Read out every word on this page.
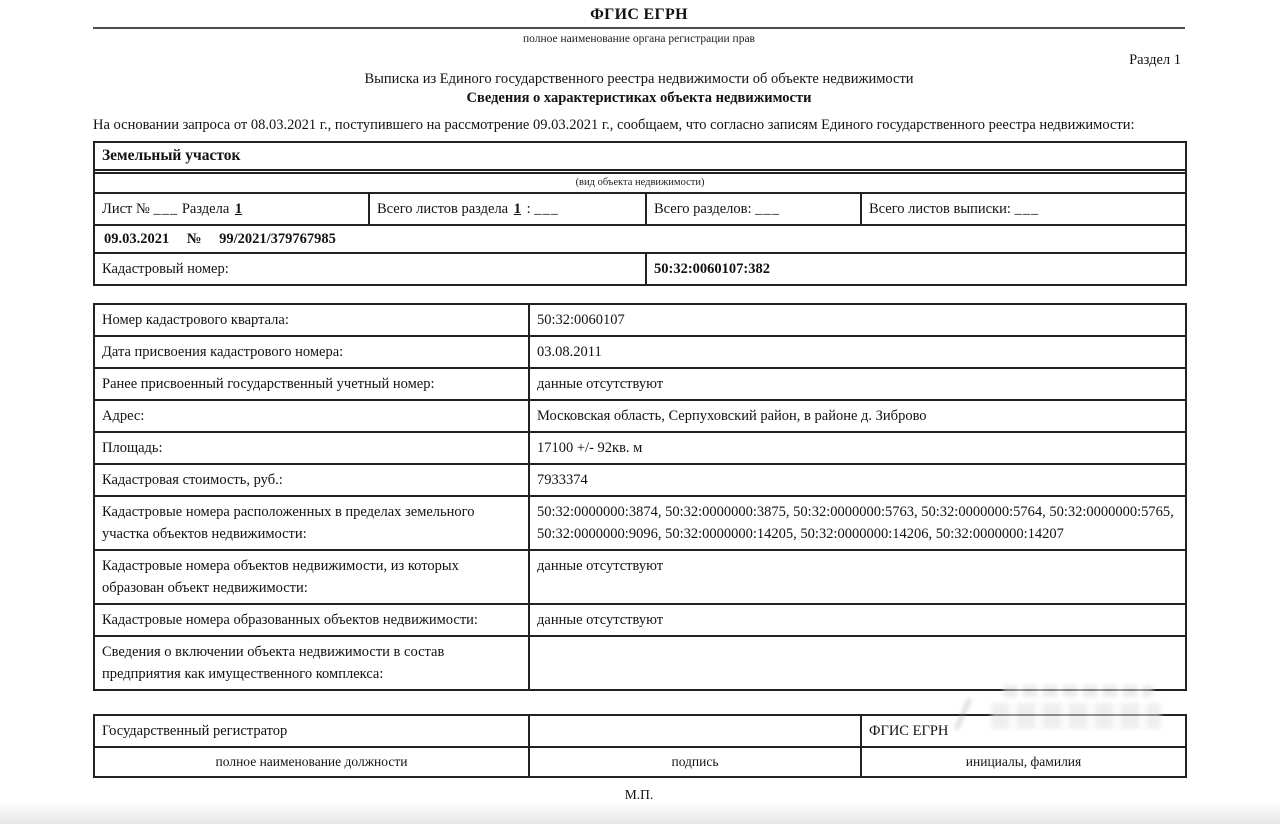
ФГИС ЕГРН
полное наименование органа регистрации прав
Раздел 1
Выписка из Единого государственного реестра недвижимости об объекте недвижимости
Сведения о характеристиках объекта недвижимости
На основании запроса от 08.03.2021 г., поступившего на рассмотрение 09.03.2021 г., сообщаем, что согласно записям Единого государственного реестра недвижимости:
Земельный участок			

(вид объекта недвижимости)			
Лист № ___ Раздела 1	Всего листов раздела 1 : ___	Всего разделов: ___	Всего листов выписки: ___
09.03.2021 № 99/2021/379767985			
Кадастровый номер:		50:32:0060107:382	
Номер кадастрового квартала:	50:32:0060107
Дата присвоения кадастрового номера:	03.08.2011
Ранее присвоенный государственный учетный номер:	данные отсутствуют
Адрес:	Московская область, Серпуховский район, в районе д. Зиброво
Площадь:	17100 +/- 92кв. м
Кадастровая стоимость, руб.:	7933374
Кадастровые номера расположенных в пределах земельного участка объектов недвижимости:	50:32:0000000:3874, 50:32:0000000:3875, 50:32:0000000:5763, 50:32:0000000:5764, 50:32:0000000:5765, 50:32:0000000:9096, 50:32:0000000:14205, 50:32:0000000:14206, 50:32:0000000:14207
Кадастровые номера объектов недвижимости, из которых образован объект недвижимости:	данные отсутствуют
Кадастровые номера образованных объектов недвижимости:	данные отсутствуют
Сведения о включении объекта недвижимости в состав предприятия как имущественного комплекса:	
Государственный регистратор		ФГИС ЕГРН
полное наименование должности	подпись	инициалы, фамилия
М.П.
